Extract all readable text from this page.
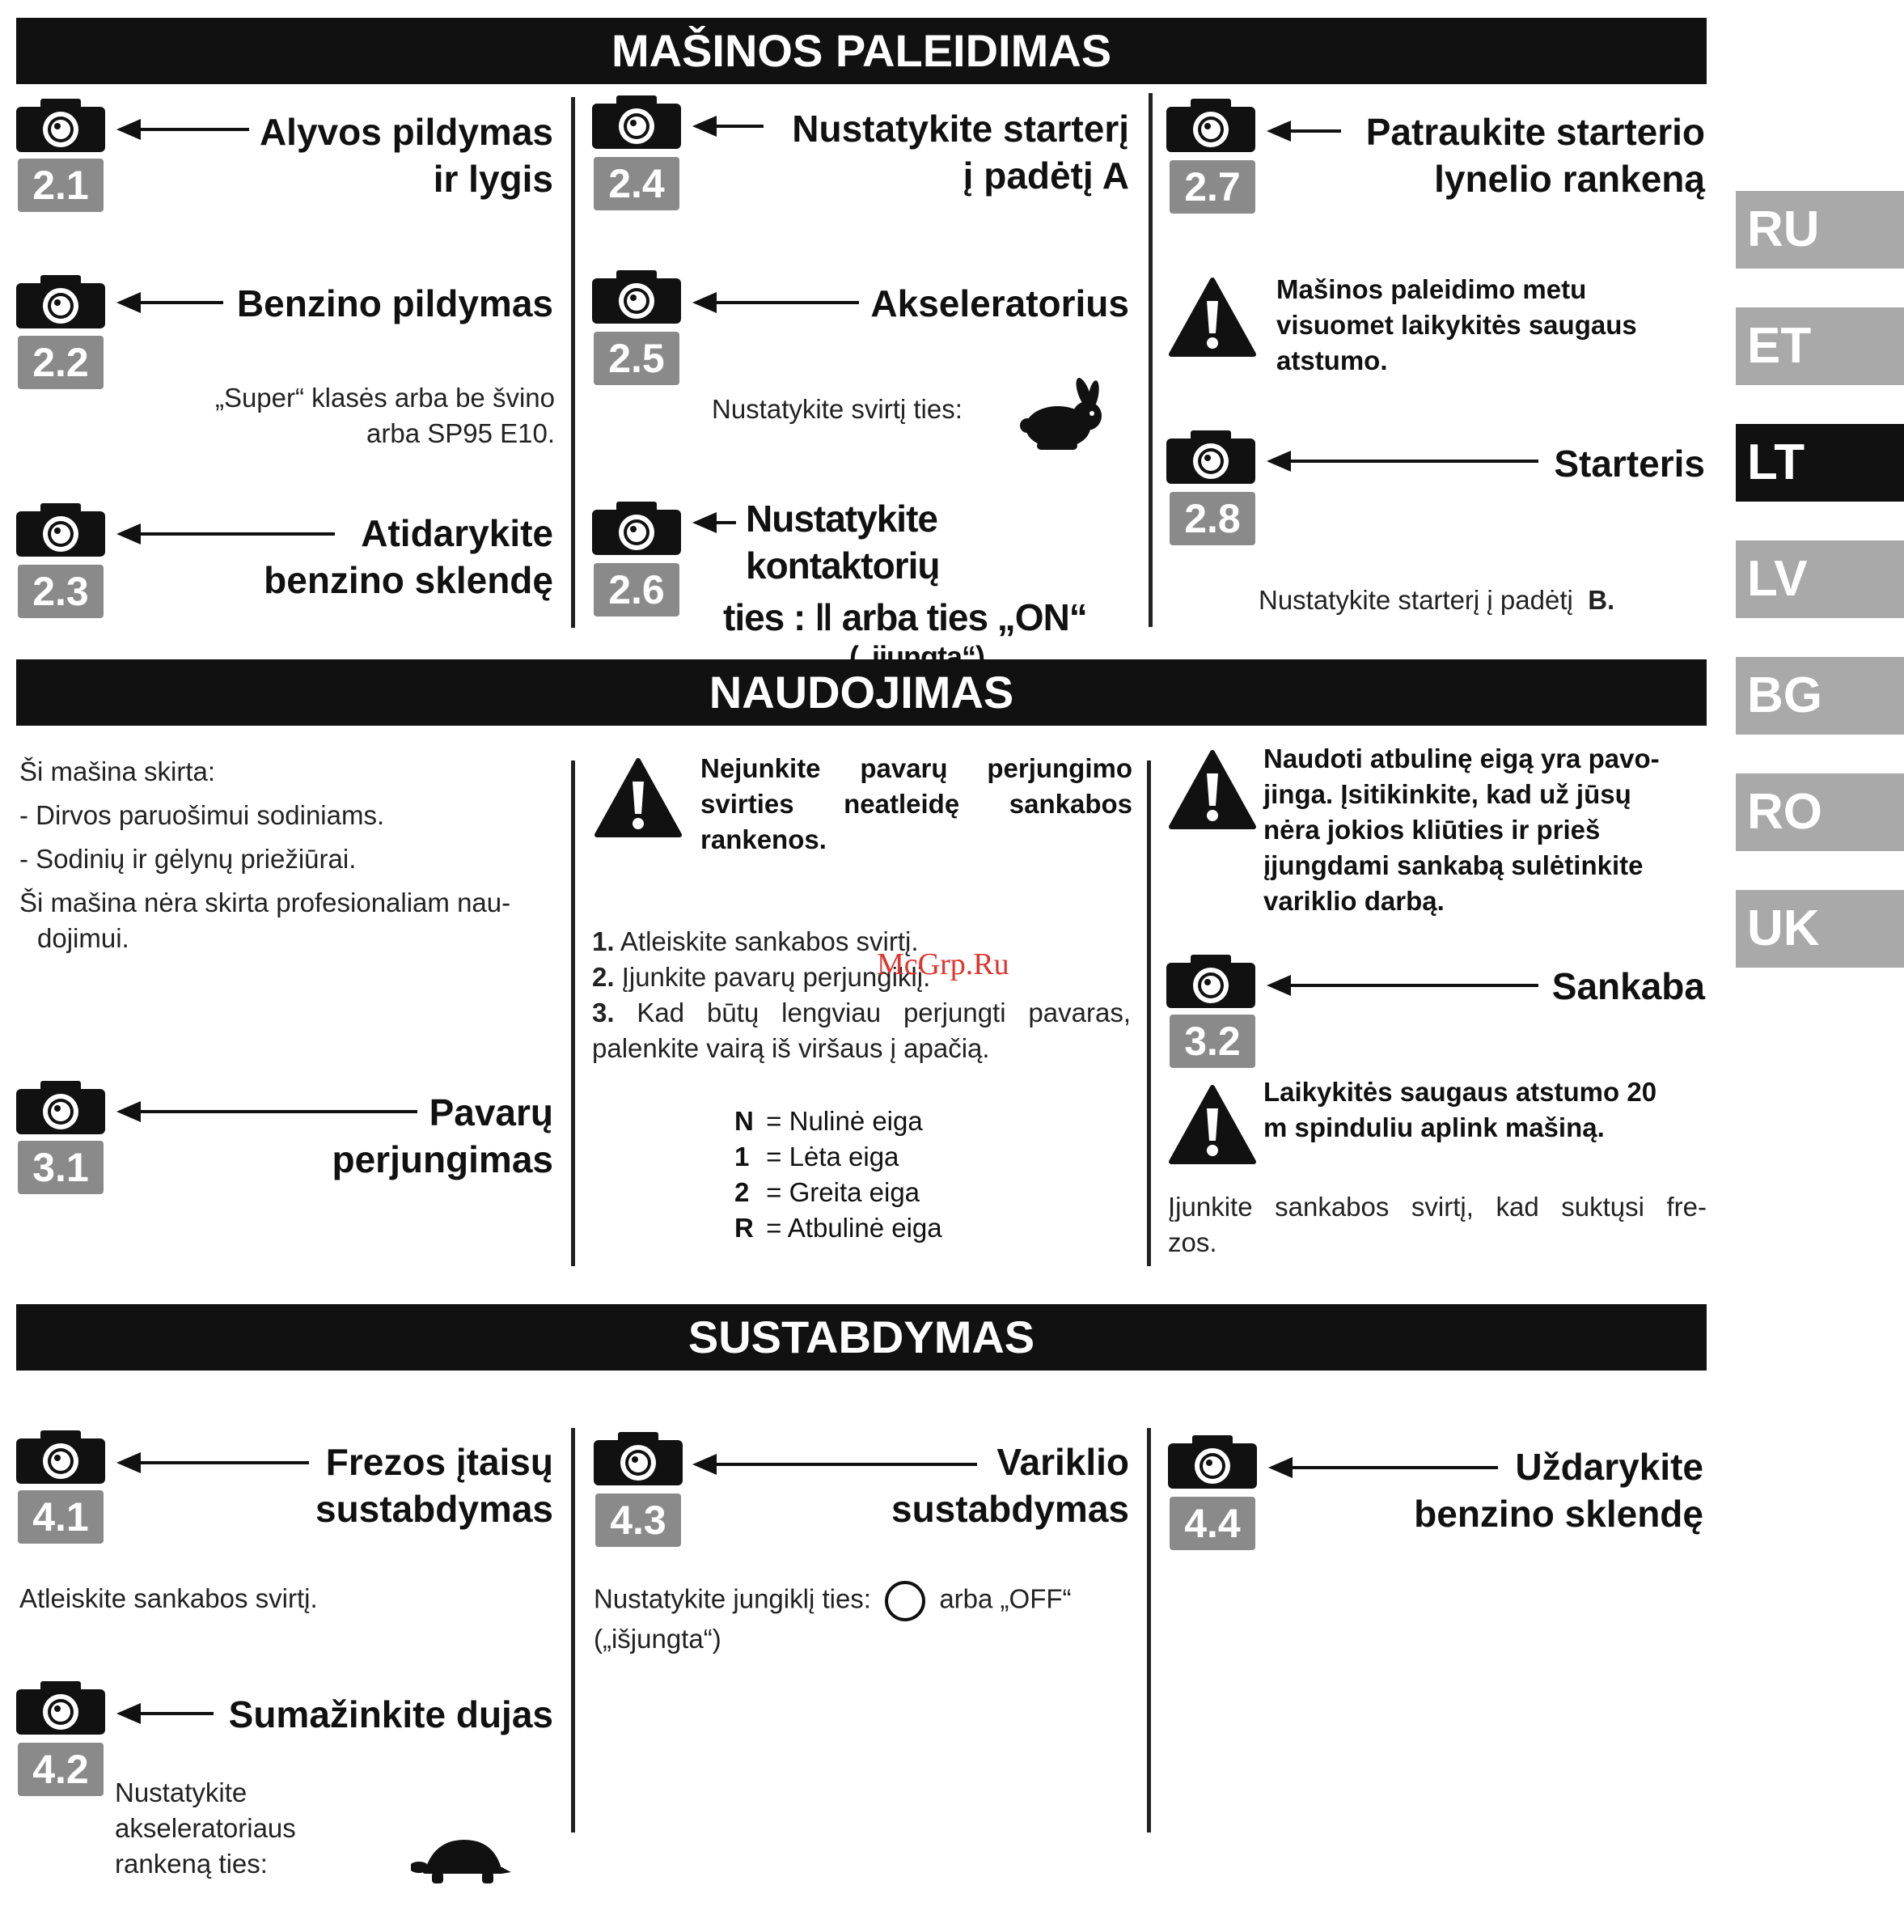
MAŠINOS PALEIDIMAS
NAUDOJIMAS
SUSTABDYMAS
RU
ET
LT
LV
BG
RO
UK
2.1
Alyvos pildymas
ir lygis
2.2
Benzino pildymas
„Super“ klasės arba be švino
arba SP95 E10.
2.3
Atidarykite
benzino sklendę
2.4
Nustatykite starterį
į padėtį A
2.5
Akseleratorius
Nustatykite svirtį ties:
2.6
Nustatykite kontaktorių
ties : ‖ arba ties „ON“
(„įjungta“)
2.7
Patraukite starterio
lynelio rankeną
Mašinos paleidimo metu
visuomet laikykitės saugaus
atstumo.
2.8
Starteris
Nustatykite starterį į padėtį B.
Ši mašina skirta:
- Dirvos paruošimui sodiniams.
- Sodinių ir gėlynų priežiūrai.
Ši mašina nėra skirta profesionaliam nau-
dojimui.
3.1
Pavarų
perjungimas
Nejunkite pavarų perjungimo
svirties neatleidę sankabos
rankenos.
1. Atleiskite sankabos svirtį.
2. Įjunkite pavarų perjungiklį.
3. Kad būtų lengviau perjungti pavaras,
palenkite vairą iš viršaus į apačią.
N = Nulinė eiga
1 = Lėta eiga
2 = Greita eiga
R = Atbulinė eiga
Naudoti atbulinę eigą yra pavo-
jinga. Įsitikinkite, kad už jūsų
nėra jokios kliūties ir prieš
įjungdami sankabą sulėtinkite
variklio darbą.
3.2
Sankaba
Laikykitės saugaus atstumo 20
m spinduliu aplink mašiną.
Įjunkite sankabos svirtį, kad suktųsi fre-
zos.
4.1
Frezos įtaisų
sustabdymas
Atleiskite sankabos svirtį.
4.2
Sumažinkite dujas
Nustatykite
akseleratoriaus
rankeną ties:
4.3
Variklio
sustabdymas
Nustatykite jungiklį ties:	arba „OFF“
(„išjungta“)
4.4
Uždarykite
benzino sklendę
McGrp.Ru
